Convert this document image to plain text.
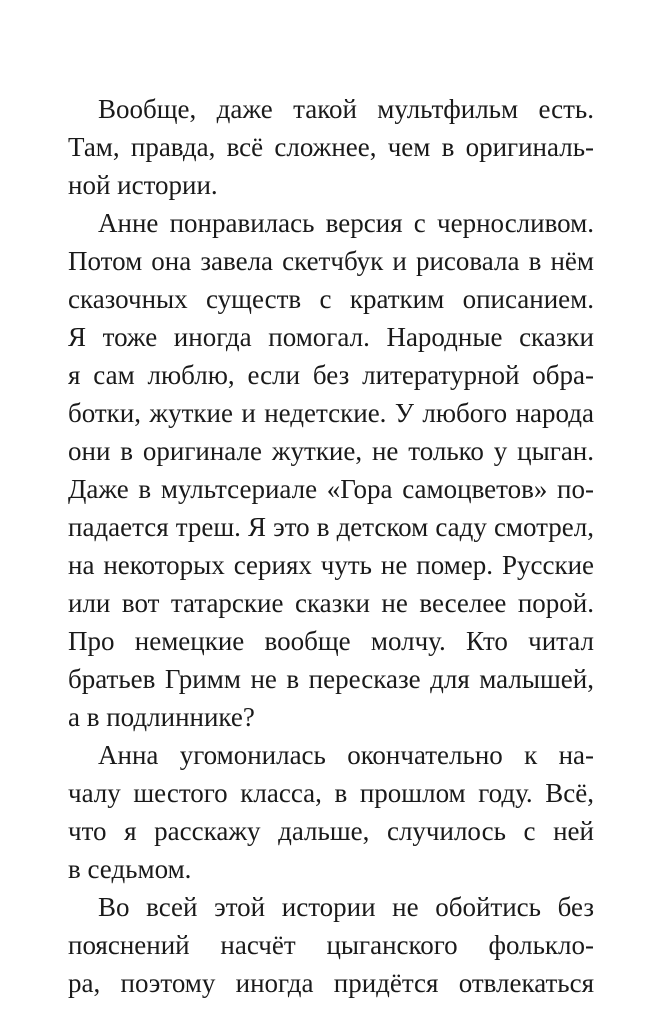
Вообще, даже такой мультфильм есть.
Там, правда, всё сложнее, чем в оригиналь-
ной истории.
Анне понравилась версия с черносливом.
Потом она завела скетчбук и рисовала в нём
сказочных существ с кратким описанием.
Я тоже иногда помогал. Народные сказки
я сам люблю, если без литературной обра-
ботки, жуткие и недетские. У любого народа
они в оригинале жуткие, не только у цыган.
Даже в мультсериале «Гора самоцветов» по-
падается треш. Я это в детском саду смотрел,
на некоторых сериях чуть не помер. Русские
или вот татарские сказки не веселее порой.
Про немецкие вообще молчу. Кто читал
братьев Гримм не в пересказе для малышей,
а в подлиннике?
Анна угомонилась окончательно к на-
чалу шестого класса, в прошлом году. Всё,
что я расскажу дальше, случилось с ней
в седьмом.
Во всей этой истории не обойтись без
пояснений насчёт цыганского фолькло-
ра, поэтому иногда придётся отвлекаться
